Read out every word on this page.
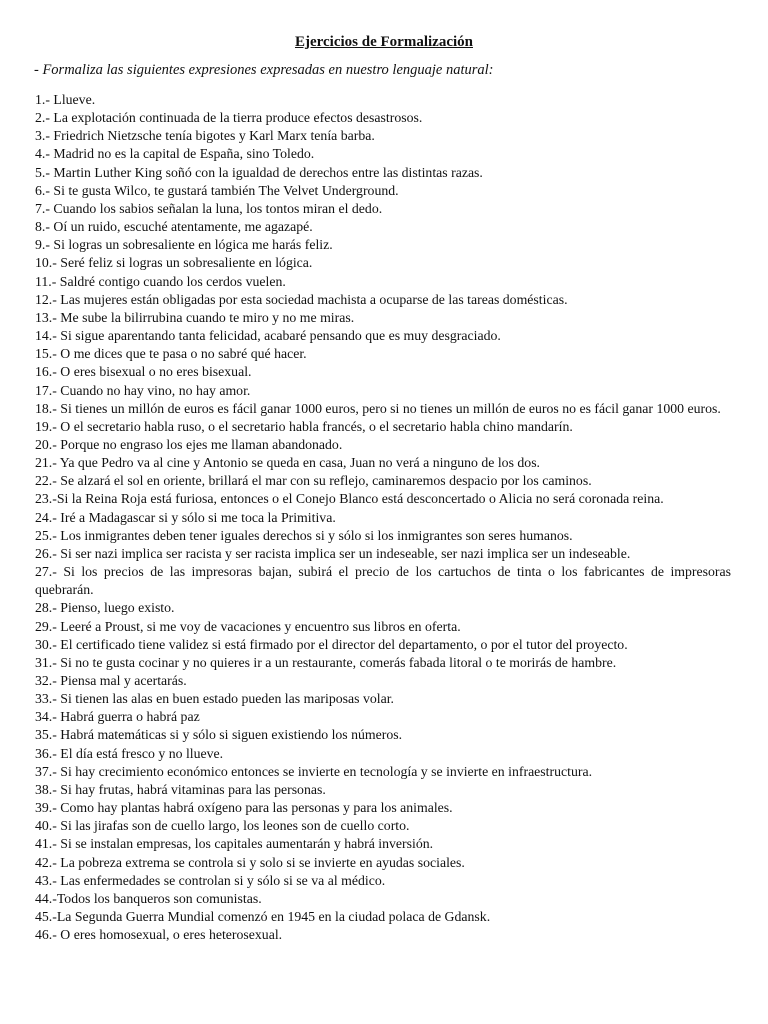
Ejercicios de Formalización
- Formaliza las siguientes expresiones expresadas en nuestro lenguaje natural:
1.- Llueve.
2.- La explotación continuada de la tierra produce efectos desastrosos.
3.- Friedrich Nietzsche tenía bigotes y Karl Marx tenía barba.
4.- Madrid no es la capital de España, sino Toledo.
5.- Martin Luther King soñó con la igualdad de derechos entre las distintas razas.
6.- Si te gusta Wilco, te gustará también The Velvet Underground.
7.- Cuando los sabios señalan la luna, los tontos miran el dedo.
8.- Oí un ruido, escuché atentamente, me agazapé.
9.- Si logras un sobresaliente en lógica me harás feliz.
10.- Seré feliz si logras un sobresaliente en lógica.
11.- Saldré contigo cuando los cerdos vuelen.
12.- Las mujeres están obligadas por esta sociedad machista a ocuparse de las tareas domésticas.
13.- Me sube la bilirrubina cuando te miro y no me miras.
14.- Si sigue aparentando tanta felicidad, acabaré pensando que es muy desgraciado.
15.- O me dices que te pasa o no sabré qué hacer.
16.- O eres bisexual o no eres bisexual.
17.- Cuando no hay vino, no hay amor.
18.- Si tienes un millón de euros es fácil ganar 1000 euros, pero si no tienes un millón de euros no es fácil ganar 1000 euros.
19.- O el secretario habla ruso, o el secretario habla francés, o el secretario habla chino mandarín.
20.- Porque no engraso los ejes me llaman abandonado.
21.- Ya que Pedro va al cine y Antonio se queda en casa, Juan no verá a ninguno de los dos.
22.- Se alzará el sol en oriente, brillará el mar con su reflejo, caminaremos despacio por los caminos.
23.-Si la Reina Roja está furiosa, entonces o el Conejo Blanco está desconcertado o Alicia no será coronada reina.
24.- Iré a Madagascar si y sólo si me toca la Primitiva.
25.- Los inmigrantes deben tener iguales derechos si y sólo si los inmigrantes son seres humanos.
26.- Si ser nazi implica ser racista y ser racista implica ser un indeseable, ser nazi implica ser un indeseable.
27.- Si los precios de las impresoras bajan, subirá el precio de los cartuchos de tinta o los fabricantes de impresoras quebrarán.
28.- Pienso, luego existo.
29.- Leeré a Proust, si me voy de vacaciones y encuentro sus libros en oferta.
30.- El certificado tiene validez si está firmado por el director del departamento, o por el tutor del proyecto.
31.- Si no te gusta cocinar y no quieres ir a un restaurante, comerás fabada litoral o te morirás de hambre.
32.- Piensa mal y acertarás.
33.- Si tienen las alas en buen estado pueden las mariposas volar.
34.- Habrá guerra o habrá paz
35.- Habrá matemáticas si y sólo si siguen existiendo los números.
36.- El día está fresco y no llueve.
37.- Si hay crecimiento económico entonces se invierte en tecnología y se invierte en infraestructura.
38.- Si hay frutas, habrá vitaminas para las personas.
39.- Como hay plantas habrá oxígeno para las personas y para los animales.
40.- Si las jirafas son de cuello largo, los leones son de cuello corto.
41.- Si se instalan empresas, los capitales aumentarán y habrá inversión.
42.- La pobreza extrema se controla si y solo si se invierte en ayudas sociales.
43.- Las enfermedades se controlan si y sólo si se va al médico.
44.-Todos los banqueros son comunistas.
45.-La Segunda Guerra Mundial comenzó en 1945 en la ciudad polaca de Gdansk.
46.- O eres homosexual, o eres heterosexual.
